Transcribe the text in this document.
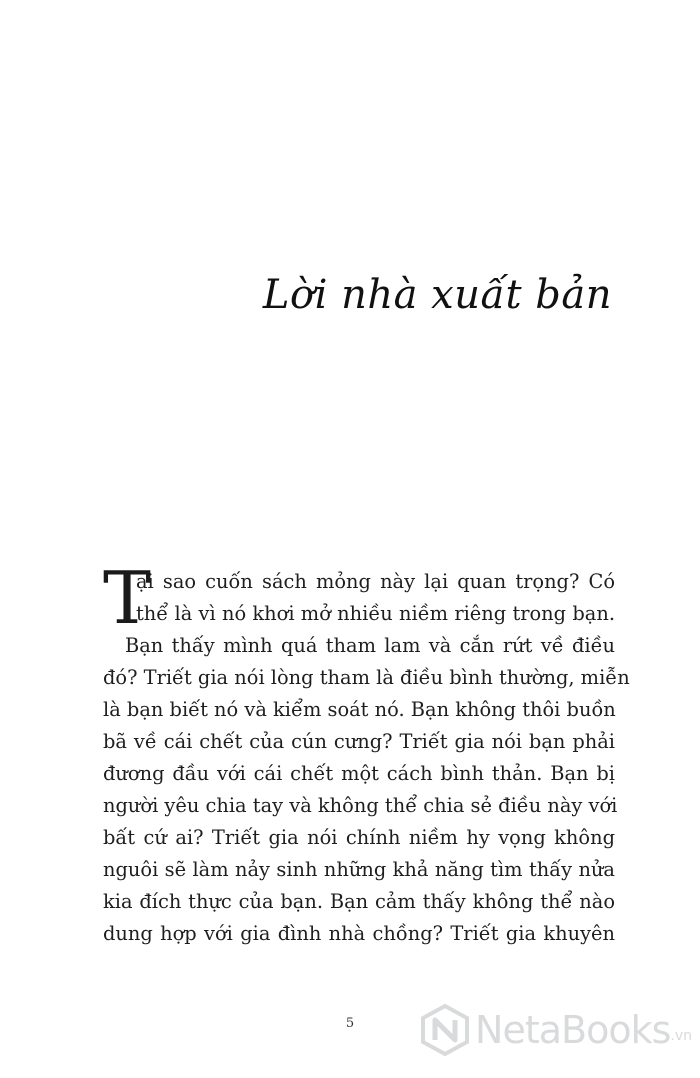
Lời nhà xuất bản
T
ại sao cuốn sách mỏng này lại quan trọng? Có
thể là vì nó khơi mở nhiều niềm riêng trong bạn.
Bạn thấy mình quá tham lam và cắn rứt về điều
đó? Triết gia nói lòng tham là điều bình thường, miễn
là bạn biết nó và kiểm soát nó. Bạn không thôi buồn
bã về cái chết của cún cưng? Triết gia nói bạn phải
đương đầu với cái chết một cách bình thản. Bạn bị
người yêu chia tay và không thể chia sẻ điều này với
bất cứ ai? Triết gia nói chính niềm hy vọng không
nguôi sẽ làm nảy sinh những khả năng tìm thấy nửa
kia đích thực của bạn. Bạn cảm thấy không thể nào
dung hợp với gia đình nhà chồng? Triết gia khuyên
5	NetaBooks .vn
